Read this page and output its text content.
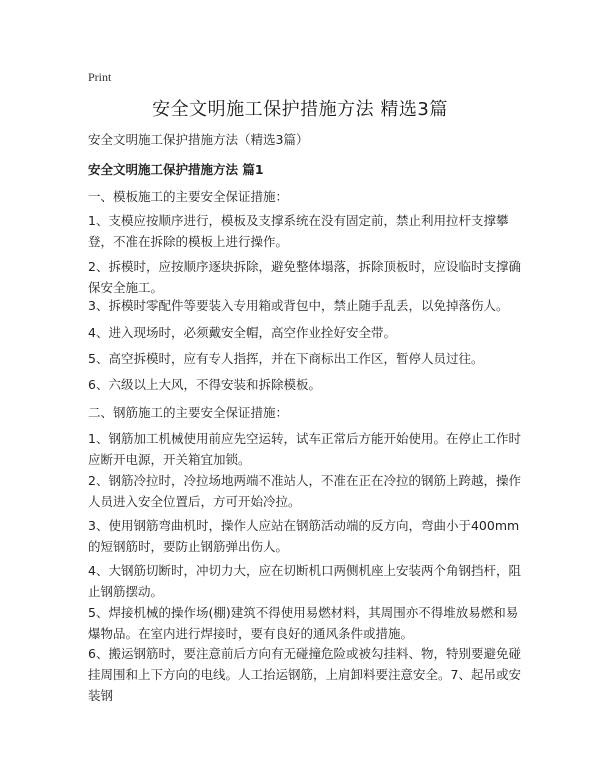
Print
安全文明施工保护措施方法 精选3篇
安全文明施工保护措施方法（精选3篇）
安全文明施工保护措施方法 篇1
一、模板施工的主要安全保证措施：
1、支模应按顺序进行，模板及支撑系统在没有固定前，禁止利用拉杆支撑攀登，不准在拆除的模板上进行操作。
2、拆模时，应按顺序逐块拆除，避免整体塌落，拆除顶板时，应设临时支撑确保安全施工。
3、拆模时零配件等要装入专用箱或背包中，禁止随手乱丢，以免掉落伤人。
4、进入现场时，必须戴安全帽，高空作业拴好安全带。
5、高空拆模时，应有专人指挥，并在下商标出工作区，暂停人员过往。
6、六级以上大风，不得安装和拆除模板。
二、钢筋施工的主要安全保证措施：
1、钢筋加工机械使用前应先空运转，试车正常后方能开始使用。在停止工作时应断开电源，开关箱宜加锁。
2、钢筋冷拉时，冷拉场地两端不准站人，不准在正在冷拉的钢筋上跨越，操作人员进入安全位置后，方可开始冷拉。
3、使用钢筋弯曲机时，操作人应站在钢筋活动端的反方向，弯曲小于400mm的短钢筋时，要防止钢筋弹出伤人。
4、大钢筋切断时，冲切力大，应在切断机口两侧机座上安装两个角钢挡杆，阻止钢筋摆动。
5、焊接机械的操作场(棚)建筑不得使用易燃材料，其周围亦不得堆放易燃和易爆物品。在室内进行焊接时，要有良好的通风条件或措施。
6、搬运钢筋时，要注意前后方向有无碰撞危险或被勾挂料、物，特别要避免碰挂周围和上下方向的电线。人工抬运钢筋，上肩卸料要注意安全。7、起吊或安装钢
